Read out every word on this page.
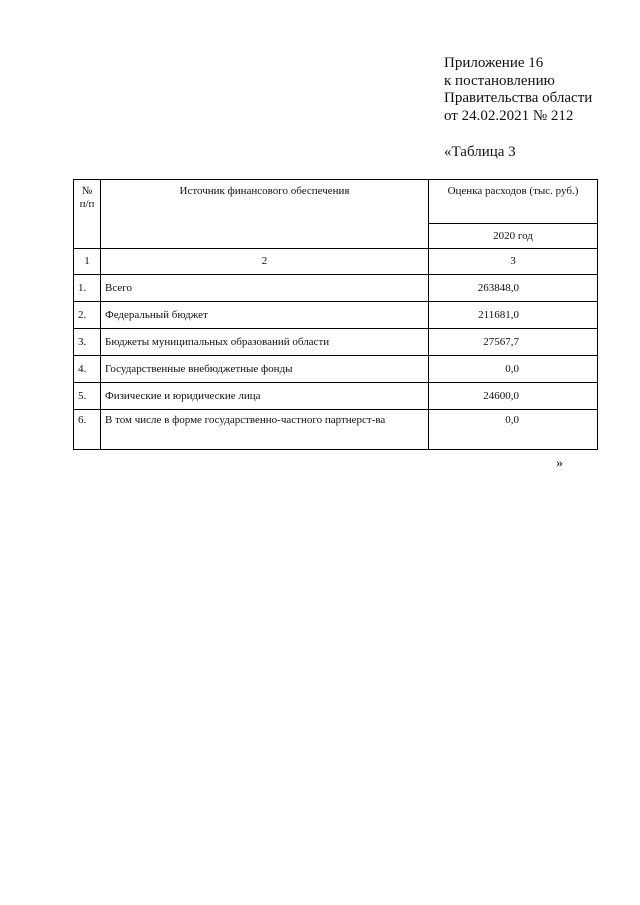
Приложение 16
к постановлению
Правительства области
от 24.02.2021 № 212
«Таблица 3
№ п/п	Источник финансового обеспечения	Оценка расходов (тыс. руб.)
		2020 год
1	2	3
1.	Всего	263848,0
2.	Федеральный бюджет	211681,0
3.	Бюджеты муниципальных образований области	27567,7
4.	Государственные внебюджетные фонды	0,0
5.	Физические и юридические лица	24600,0
6.	В том числе в форме государственно-частного партнерст-ва	0,0
»
